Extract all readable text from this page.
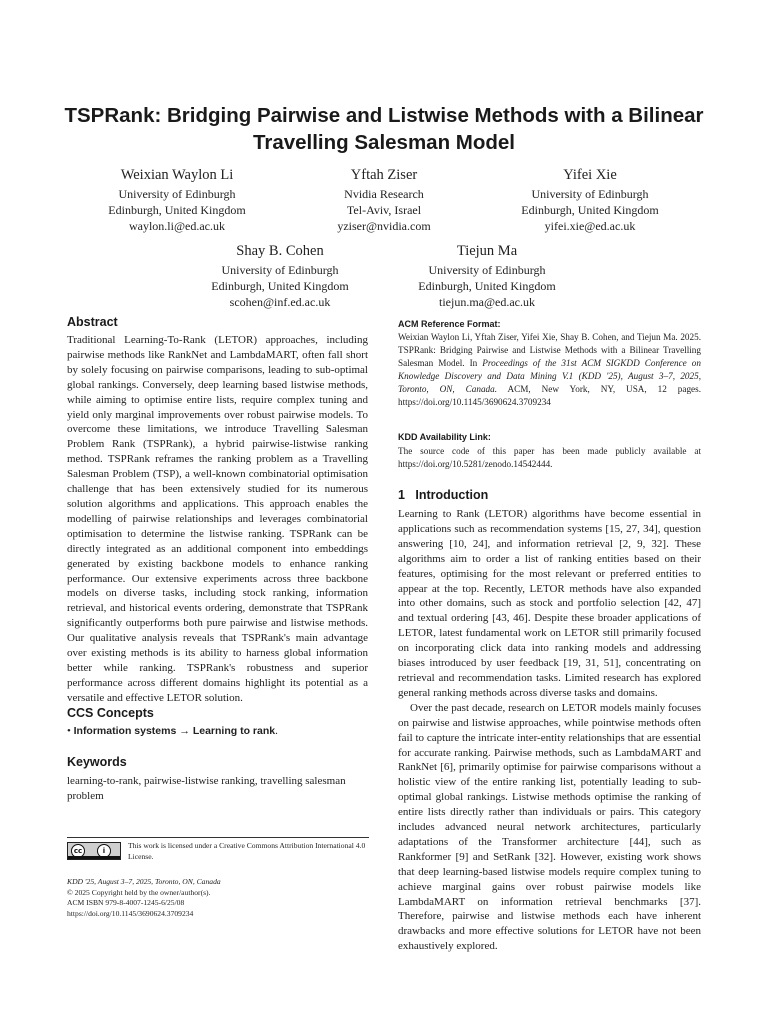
TSPRank: Bridging Pairwise and Listwise Methods with a Bilinear
Travelling Salesman Model
Weixian Waylon Li
University of Edinburgh
Edinburgh, United Kingdom
waylon.li@ed.ac.uk
Yftah Ziser
Nvidia Research
Tel-Aviv, Israel
yziser@nvidia.com
Yifei Xie
University of Edinburgh
Edinburgh, United Kingdom
yifei.xie@ed.ac.uk
Shay B. Cohen
University of Edinburgh
Edinburgh, United Kingdom
scohen@inf.ed.ac.uk
Tiejun Ma
University of Edinburgh
Edinburgh, United Kingdom
tiejun.ma@ed.ac.uk
Abstract

Traditional Learning-To-Rank (LETOR) approaches, including pairwise methods like RankNet and LambdaMART, often fall short by solely focusing on pairwise comparisons, leading to sub-optimal global rankings. Conversely, deep learning based listwise methods, while aiming to optimise entire lists, require complex tuning and yield only marginal improvements over robust pairwise models. To overcome these limitations, we introduce Travelling Salesman Problem Rank (TSPRank), a hybrid pairwise-listwise ranking method. TSPRank reframes the ranking problem as a Travelling Salesman Problem (TSP), a well-known combinatorial optimisation challenge that has been extensively studied for its numerous solution algorithms and applications. This approach enables the modelling of pairwise relationships and leverages combinatorial optimisation to determine the listwise ranking. TSPRank can be directly integrated as an additional component into embeddings generated by existing backbone models to enhance ranking performance. Our extensive experiments across three backbone models on diverse tasks, including stock ranking, information retrieval, and historical events ordering, demonstrate that TSPRank significantly outperforms both pure pairwise and listwise methods. Our qualitative analysis reveals that TSPRank's main advantage over existing methods is its ability to harness global information better while ranking. TSPRank's robustness and superior performance across different domains highlight its potential as a versatile and effective LETOR solution.

CCS Concepts
• Information systems → Learning to rank.
Keywords
learning-to-rank, pairwise-listwise ranking, travelling salesman problem
cc	i
This work is licensed under a Creative Commons Attribution International 4.0 License.
KDD '25, August 3–7, 2025, Toronto, ON, Canada
© 2025 Copyright held by the owner/author(s).
ACM ISBN 979-8-4007-1245-6/25/08
https://doi.org/10.1145/3690624.3709234
ACM Reference Format:
Weixian Waylon Li, Yftah Ziser, Yifei Xie, Shay B. Cohen, and Tiejun Ma. 2025. TSPRank: Bridging Pairwise and Listwise Methods with a Bilinear Travelling Salesman Model. In Proceedings of the 31st ACM SIGKDD Conference on Knowledge Discovery and Data Mining V.1 (KDD '25), August 3–7, 2025, Toronto, ON, Canada. ACM, New York, NY, USA, 12 pages. https://doi.org/10.1145/3690624.3709234
KDD Availability Link:
The source code of this paper has been made publicly available at https://doi.org/10.5281/zenodo.14542444.
1 Introduction

Learning to Rank (LETOR) algorithms have become essential in applications such as recommendation systems [15, 27, 34], question answering [10, 24], and information retrieval [2, 9, 32]. These algorithms aim to order a list of ranking entities based on their features, optimising for the most relevant or preferred entities to appear at the top. Recently, LETOR methods have also expanded into other domains, such as stock and portfolio selection [42, 47] and textual ordering [43, 46]. Despite these broader applications of LETOR, latest fundamental work on LETOR still primarily focused on incorporating click data into ranking models and addressing biases introduced by user feedback [19, 31, 51], concentrating on retrieval and recommendation tasks. Limited research has explored general ranking methods across diverse tasks and domains.

Over the past decade, research on LETOR models mainly focuses on pairwise and listwise approaches, while pointwise methods often fail to capture the intricate inter-entity relationships that are essential for accurate ranking. Pairwise methods, such as LambdaMART and RankNet [6], primarily optimise for pairwise comparisons without a holistic view of the entire ranking list, potentially leading to sub-optimal global rankings. Listwise methods optimise the ranking of entire lists directly rather than individuals or pairs. This category includes advanced neural network architectures, particularly adaptations of the Transformer architecture [44], such as Rankformer [9] and SetRank [32]. However, existing work shows that deep learning-based listwise models require complex tuning to achieve marginal gains over robust pairwise models like LambdaMART on information retrieval benchmarks [37]. Therefore, pairwise and listwise methods each have inherent drawbacks and more effective solutions for LETOR have not been exhaustively explored.
